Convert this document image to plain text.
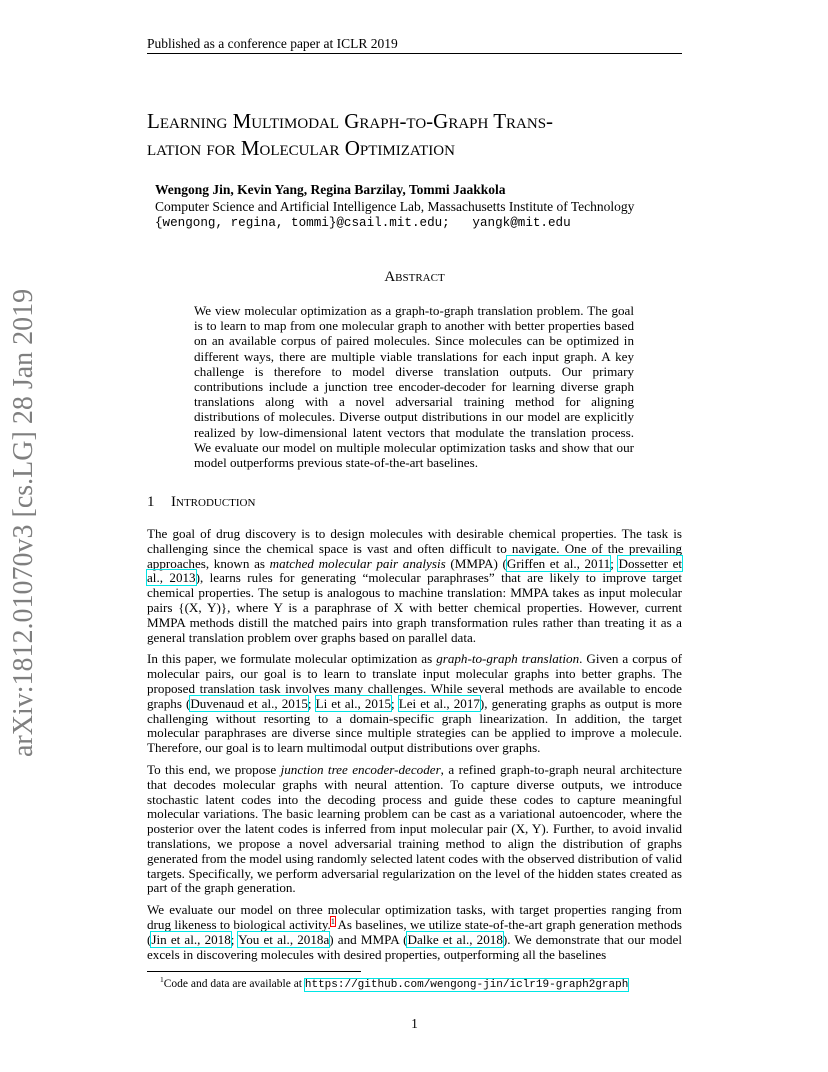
Published as a conference paper at ICLR 2019
arXiv:1812.01070v3 [cs.LG] 28 Jan 2019
Learning Multimodal Graph-to-Graph Trans-
lation for Molecular Optimization
Wengong Jin, Kevin Yang, Regina Barzilay, Tommi Jaakkola
Computer Science and Artificial Intelligence Lab, Massachusetts Institute of Technology
{wengong, regina, tommi}@csail.mit.edu;   yangk@mit.edu
Abstract
We view molecular optimization as a graph-to-graph translation problem. The goal is to learn to map from one molecular graph to another with better properties based on an available corpus of paired molecules. Since molecules can be optimized in different ways, there are multiple viable translations for each input graph. A key challenge is therefore to model diverse translation outputs. Our primary contributions include a junction tree encoder-decoder for learning diverse graph translations along with a novel adversarial training method for aligning distributions of molecules. Diverse output distributions in our model are explicitly realized by low-dimensional latent vectors that modulate the translation process. We evaluate our model on multiple molecular optimization tasks and show that our model outperforms previous state-of-the-art baselines.
1 Introduction

The goal of drug discovery is to design molecules with desirable chemical properties. The task is challenging since the chemical space is vast and often difficult to navigate. One of the prevailing approaches, known as matched molecular pair analysis (MMPA) (Griffen et al., 2011; Dossetter et al., 2013), learns rules for generating “molecular paraphrases” that are likely to improve target chemical properties. The setup is analogous to machine translation: MMPA takes as input molecular pairs {(X, Y)}, where Y is a paraphrase of X with better chemical properties. However, current MMPA methods distill the matched pairs into graph transformation rules rather than treating it as a general translation problem over graphs based on parallel data.

In this paper, we formulate molecular optimization as graph-to-graph translation. Given a corpus of molecular pairs, our goal is to learn to translate input molecular graphs into better graphs. The proposed translation task involves many challenges. While several methods are available to encode graphs (Duvenaud et al., 2015; Li et al., 2015; Lei et al., 2017), generating graphs as output is more challenging without resorting to a domain-specific graph linearization. In addition, the target molecular paraphrases are diverse since multiple strategies can be applied to improve a molecule. Therefore, our goal is to learn multimodal output distributions over graphs.

To this end, we propose junction tree encoder-decoder, a refined graph-to-graph neural architecture that decodes molecular graphs with neural attention. To capture diverse outputs, we introduce stochastic latent codes into the decoding process and guide these codes to capture meaningful molecular variations. The basic learning problem can be cast as a variational autoencoder, where the posterior over the latent codes is inferred from input molecular pair (X, Y). Further, to avoid invalid translations, we propose a novel adversarial training method to align the distribution of graphs generated from the model using randomly selected latent codes with the observed distribution of valid targets. Specifically, we perform adversarial regularization on the level of the hidden states created as part of the graph generation.

We evaluate our model on three molecular optimization tasks, with target properties ranging from drug likeness to biological activity.$^1$ As baselines, we utilize state-of-the-art graph generation methods (Jin et al., 2018; You et al., 2018a) and MMPA (Dalke et al., 2018). We demonstrate that our model excels in discovering molecules with desired properties, outperforming all the baselines

$^1$Code and data are available at https://github.com/wengong-jin/iclr19-graph2graph
1
